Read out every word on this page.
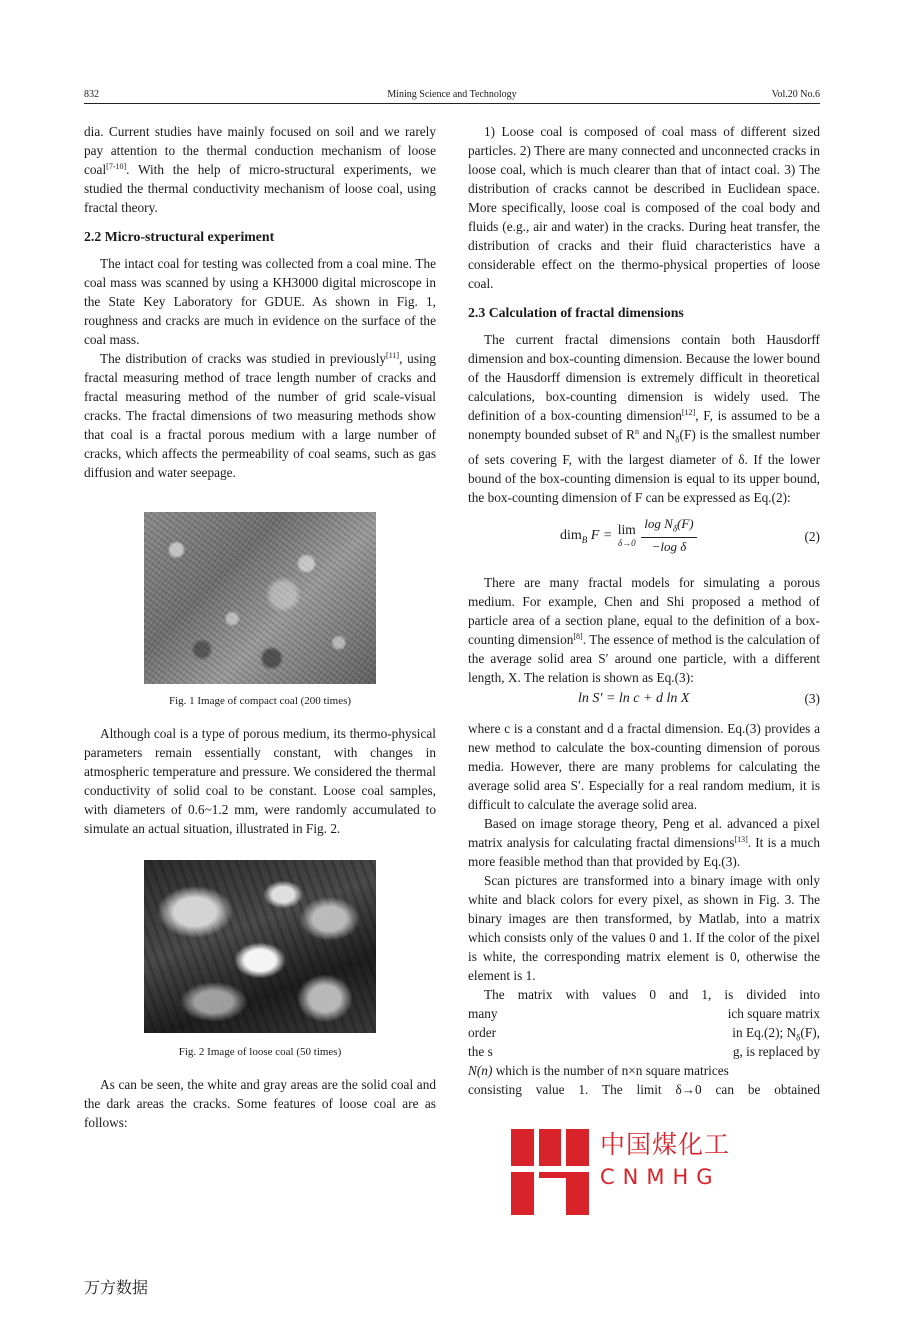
832	Mining Science and Technology	Vol.20 No.6

dia. Current studies have mainly focused on soil and we rarely pay attention to the thermal conduction mechanism of loose coal[7-10]. With the help of micro-structural experiments, we studied the thermal conductivity mechanism of loose coal, using fractal theory.

2.2 Micro-structural experiment

The intact coal for testing was collected from a coal mine. The coal mass was scanned by using a KH3000 digital microscope in the State Key Laboratory for GDUE. As shown in Fig. 1, roughness and cracks are much in evidence on the surface of the coal mass.

The distribution of cracks was studied in previously[11], using fractal measuring method of trace length number of cracks and fractal measuring method of the number of grid scale-visual cracks. The fractal dimensions of two measuring methods show that coal is a fractal porous medium with a large number of cracks, which affects the permeability of coal seams, such as gas diffusion and water seepage.

Fig. 1 Image of compact coal (200 times)

Although coal is a type of porous medium, its thermo-physical parameters remain essentially constant, with changes in atmospheric temperature and pressure. We considered the thermal conductivity of solid coal to be constant. Loose coal samples, with diameters of 0.6~1.2 mm, were randomly accumulated to simulate an actual situation, illustrated in Fig. 2.

Fig. 2 Image of loose coal (50 times)

As can be seen, the white and gray areas are the solid coal and the dark areas the cracks. Some features of loose coal are as follows:

1) Loose coal is composed of coal mass of different sized particles. 2) There are many connected and unconnected cracks in loose coal, which is much clearer than that of intact coal. 3) The distribution of cracks cannot be described in Euclidean space. More specifically, loose coal is composed of the coal body and fluids (e.g., air and water) in the cracks. During heat transfer, the distribution of cracks and their fluid characteristics have a considerable effect on the thermo-physical properties of loose coal.

2.3 Calculation of fractal dimensions

The current fractal dimensions contain both Hausdorff dimension and box-counting dimension. Because the lower bound of the Hausdorff dimension is extremely difficult in theoretical calculations, box-counting dimension is widely used. The definition of a box-counting dimension[12], F, is assumed to be a nonempty bounded subset of $R^n$ and $N_\delta(F)$ is the smallest number of sets covering F, with the largest diameter of δ. If the lower bound of the box-counting dimension is equal to its upper bound, the box-counting dimension of F can be expressed as Eq.(2):

dim$_B$ F = lim
δ→0
$\frac{\log N_\delta(F)}{\text{−log δ}}$	(2)

There are many fractal models for simulating a porous medium. For example, Chen and Shi proposed a method of particle area of a section plane, equal to the definition of a box-counting dimension[8]. The essence of method is the calculation of the average solid area S′ around one particle, with a different length, X. The relation is shown as Eq.(3):

ln S′ = ln c + d ln X	(3)

where c is a constant and d a fractal dimension. Eq.(3) provides a new method to calculate the box-counting dimension of porous media. However, there are many problems for calculating the average solid area S′. Especially for a real random medium, it is difficult to calculate the average solid area.

Based on image storage theory, Peng et al. advanced a pixel matrix analysis for calculating fractal dimensions[13]. It is a much more feasible method than that provided by Eq.(3).

Scan pictures are transformed into a binary image with only white and black colors for every pixel, as shown in Fig. 3. The binary images are then transformed, by Matlab, into a matrix which consists only of the values 0 and 1. If the color of the pixel is white, the corresponding matrix element is 0, otherwise the element is 1.

The matrix with values 0 and 1, is divided into
many	ich square matrix
order	in Eq.(2); $N_\delta(F)$,
the s	g, is replaced by
N(n) which is the number of n×n square matrices
consisting value 1. The limit δ→0 can be obtained
中国煤化工
CNMHG
万方数据
